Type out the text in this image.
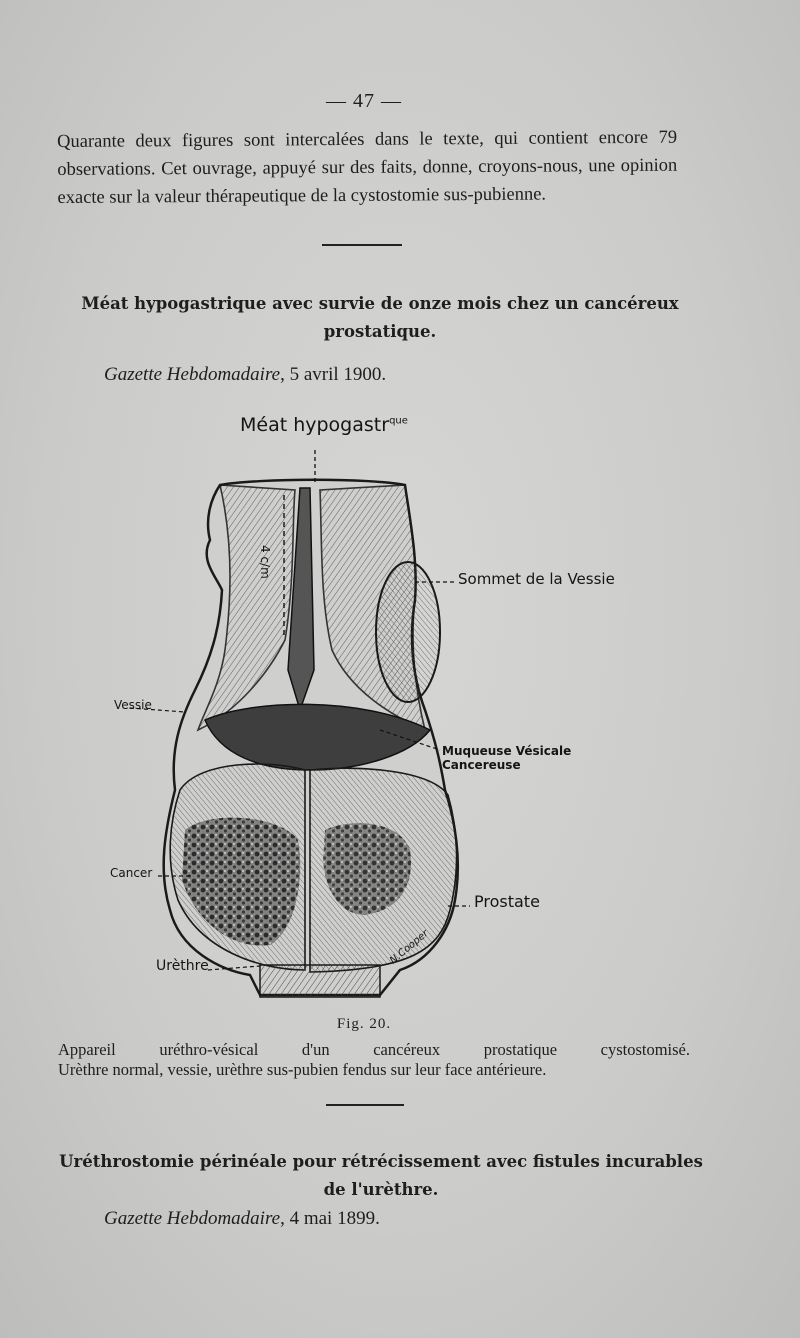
— 47 —

Quarante deux figures sont intercalées dans le texte, qui contient encore 79 observations. Cet ouvrage, appuyé sur des faits, donne, croyons-nous, une opinion exacte sur la valeur thérapeutique de la cystostomie sus-pubienne.

Méat hypogastrique avec survie de onze mois chez un cancéreux prostatique.
Gazette Hebdomadaire, 5 avril 1900.
Méat hypogastr$^{que}$
4 c/m
Sommet de la Vessie
Vessie
Muqueuse Vésicale Cancereuse
Cancer
Prostate
Urèthre	N.Cooper
Fig. 20.
Appareil uréthro-vésical d'un cancéreux prostatique cystostomisé.
Urèthre normal, vessie, urèthre sus-pubien fendus sur leur face antérieure.
Uréthrostomie périnéale pour rétrécissement avec fistules incurables
de l'urèthre.
Gazette Hebdomadaire, 4 mai 1899.
